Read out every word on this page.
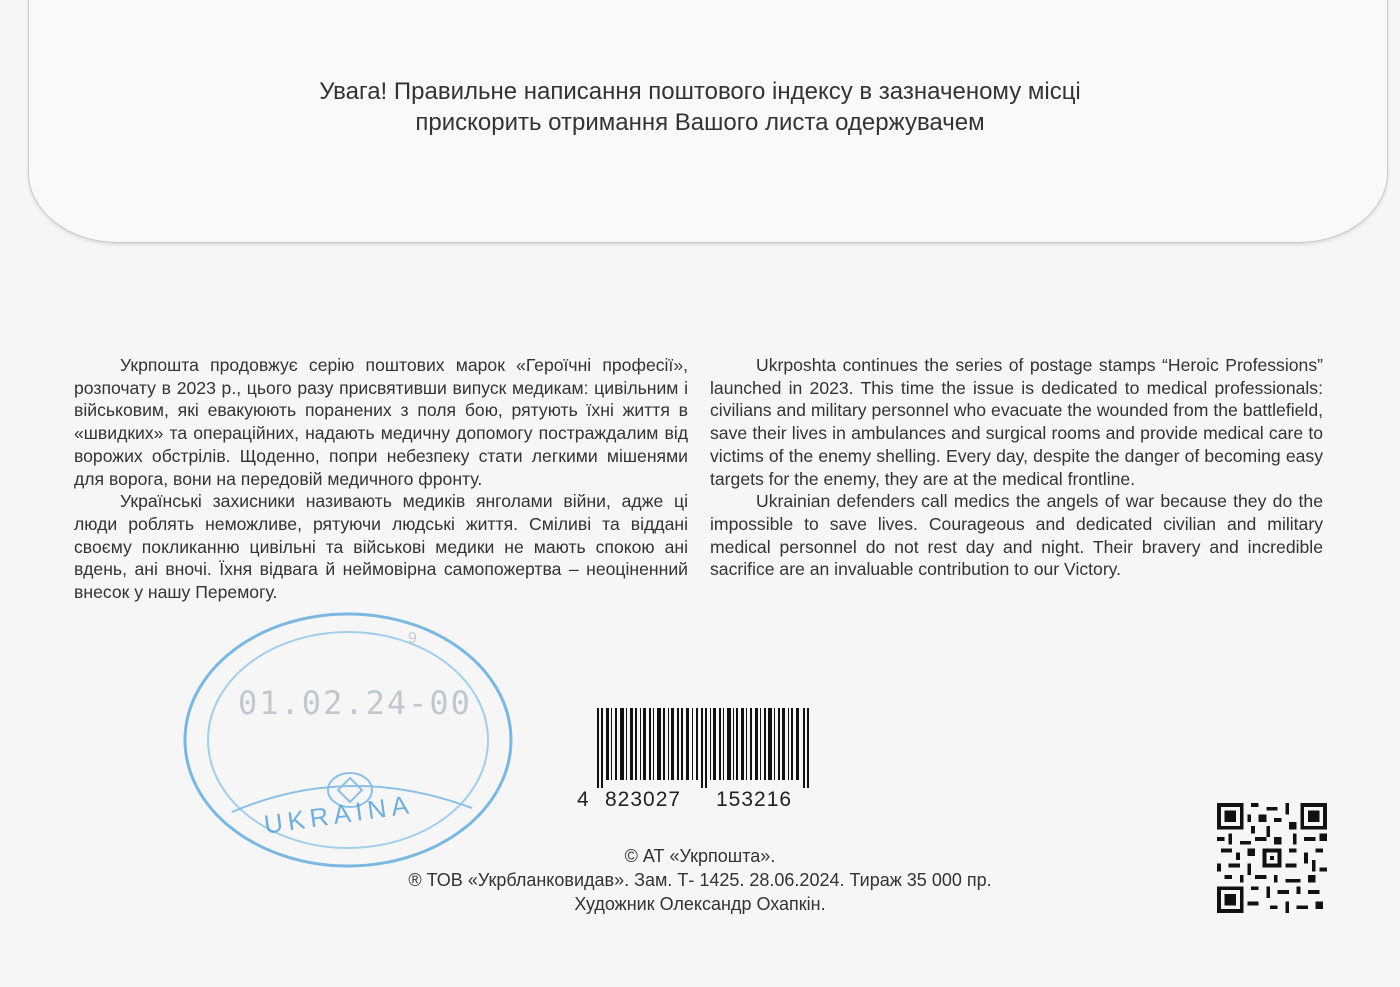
Увага! Правильне написання поштового індексу в зазначеному місці
прискорить отримання Вашого листа одержувачем

Укрпошта продовжує серію поштових марок «Героїчні професії», розпочату в 2023 р., цього разу присвятивши випуск медикам: цивільним і військовим, які евакуюють поранених з поля бою, рятують їхні життя в «швидких» та операційних, надають медичну допомогу постраждалим від ворожих обстрілів. Щоденно, попри небезпеку стати легкими мішенями для ворога, вони на передовій медичного фронту.

Українські захисники називають медиків янголами війни, адже ці люди роблять неможливе, рятуючи людські життя. Сміливі та віддані своєму покликанню цивільні та військові медики не мають спокою ані вдень, ані вночі. Їхня відвага й неймовірна самопожертва – неоціненний внесок у нашу Перемогу.

Ukrposhta continues the series of postage stamps “Heroic Professions” launched in 2023. This time the issue is dedicated to medical professionals: civilians and military personnel who evacuate the wounded from the battlefield, save their lives in ambulances and surgical rooms and provide medical care to victims of the enemy shelling. Every day, despite the danger of becoming easy targets for the enemy, they are at the medical frontline.

Ukrainian defenders call medics the angels of war because they do the impossible to save lives. Courageous and dedicated civilian and military medical personnel do not rest day and night. Their bravery and incredible sacrifice are an invaluable contribution to our Victory.

9
01.02.24-00
UKRAINA	4 823027 153216
© АТ «Укрпошта».
® ТОВ «Укрбланковидав». Зам. Т- 1425. 28.06.2024. Тираж 35 000 пр.
Художник Олександр Охапкін.
